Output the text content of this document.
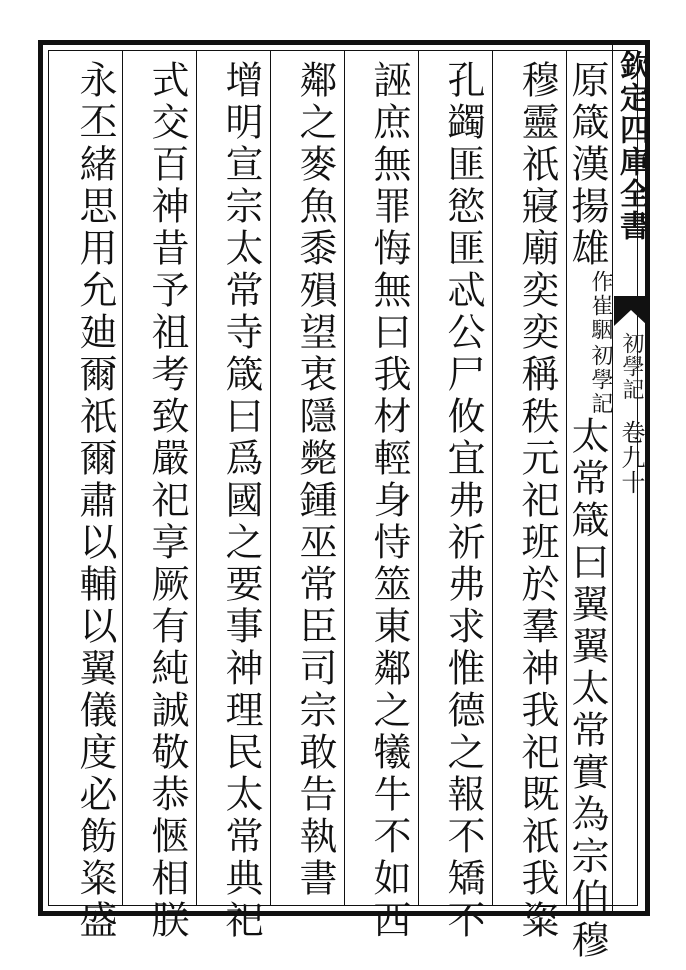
欽定四庫全書
初學記
卷九十
原箴漢揚雄
初學記
作崔駰
太常箴曰翼翼太常實為宗伯穆
穆靈祇寢廟奕奕稱秩元祀班於羣神我祀既祇我粢
孔蠲匪慾匪忒公尸攸宜弗祈弗求惟德之報不矯不
誣庶無罪悔無曰我材輕身恃筮東鄰之犧牛不如西
鄰之麥魚黍殞望衷隱斃鍾巫常臣司宗敢告執書
增明宣宗太常寺箴曰爲國之要事神理民太常典祀
式交百神昔予祖考致嚴祀享厥有純誠敬恭愜相朕
永丕緒思用允廸爾祇爾肅以輔以翼儀度必飭粢盛
